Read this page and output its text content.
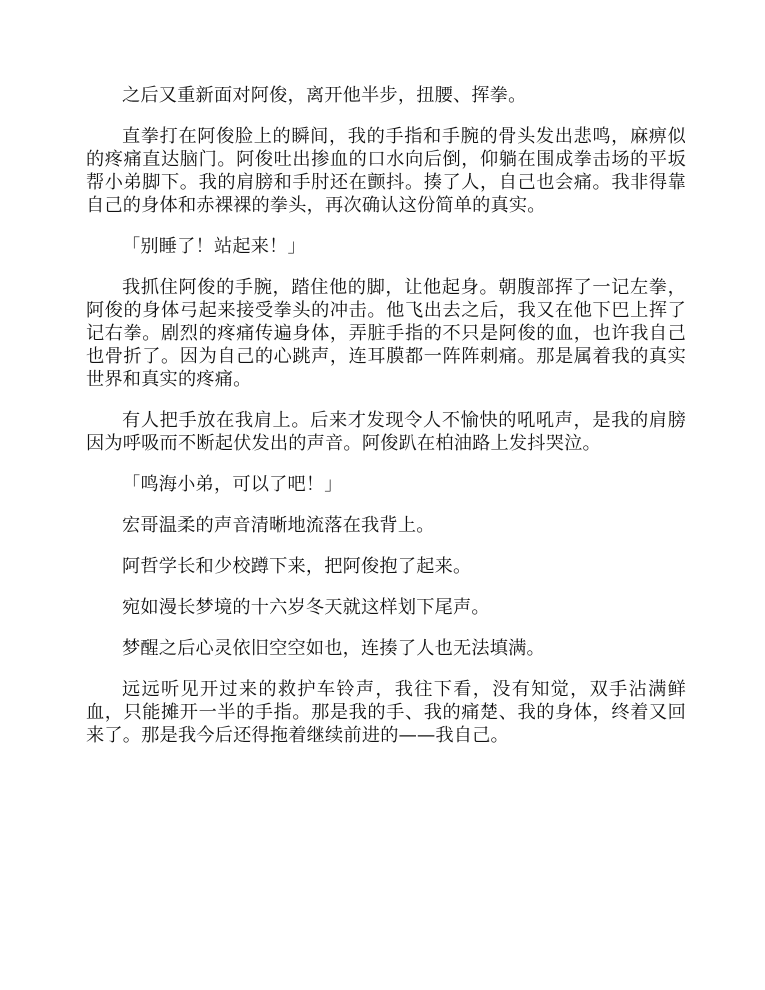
之后又重新面对阿俊，离开他半步，扭腰、挥拳。

直拳打在阿俊脸上的瞬间，我的手指和手腕的骨头发出悲鸣，麻痹似的疼痛直达脑门。阿俊吐出掺血的口水向后倒，仰躺在围成拳击场的平坂帮小弟脚下。我的肩膀和手肘还在颤抖。揍了人，自己也会痛。我非得靠自己的身体和赤裸裸的拳头，再次确认这份简单的真实。

「别睡了！站起来！」

我抓住阿俊的手腕，踏住他的脚，让他起身。朝腹部挥了一记左拳，阿俊的身体弓起来接受拳头的冲击。他飞出去之后，我又在他下巴上挥了记右拳。剧烈的疼痛传遍身体，弄脏手指的不只是阿俊的血，也许我自己也骨折了。因为自己的心跳声，连耳膜都一阵阵刺痛。那是属着我的真实世界和真实的疼痛。

有人把手放在我肩上。后来才发现令人不愉快的吼吼声，是我的肩膀因为呼吸而不断起伏发出的声音。阿俊趴在柏油路上发抖哭泣。

「鸣海小弟，可以了吧！」

宏哥温柔的声音清晰地流落在我背上。

阿哲学长和少校蹲下来，把阿俊抱了起来。

宛如漫长梦境的十六岁冬天就这样划下尾声。

梦醒之后心灵依旧空空如也，连揍了人也无法填满。

远远听见开过来的救护车铃声，我往下看，没有知觉，双手沾满鲜血，只能摊开一半的手指。那是我的手、我的痛楚、我的身体，终着又回来了。那是我今后还得拖着继续前进的——我自己。
